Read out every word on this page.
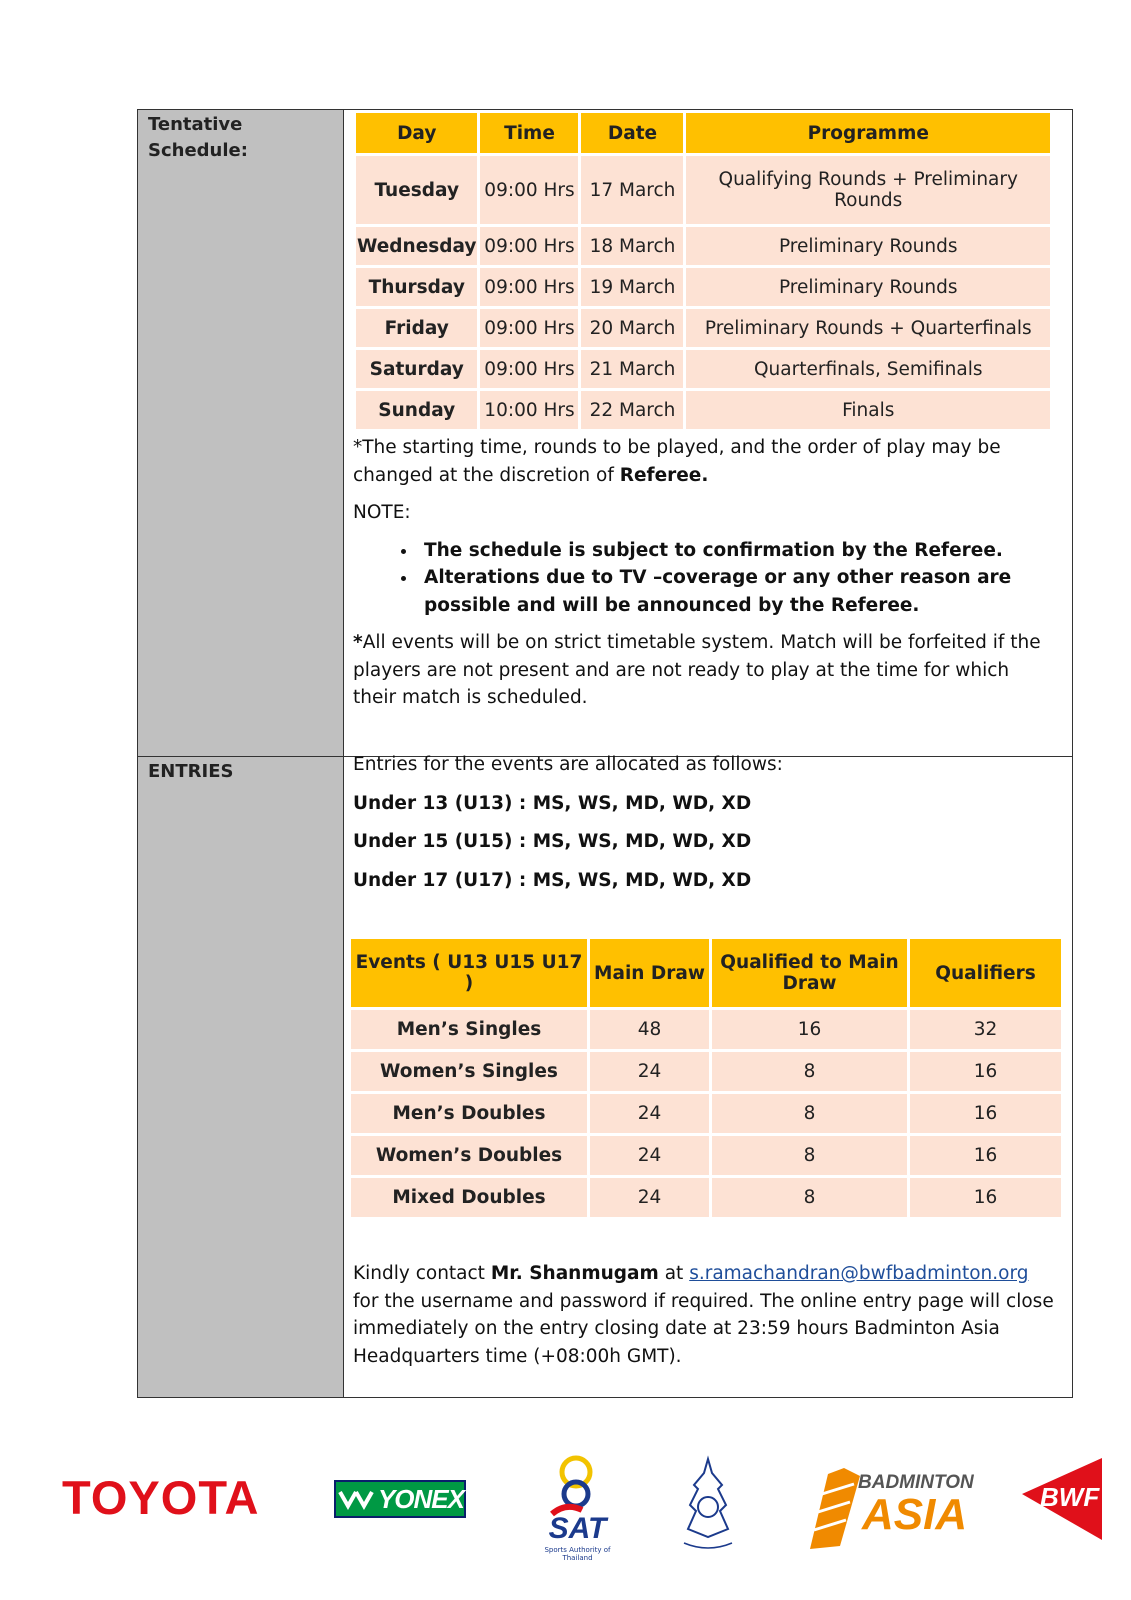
Tentative Schedule:
ENTRIES
Day	Time	Date	Programme
Tuesday	09:00 Hrs	17 March	Qualifying Rounds + Preliminary Rounds
Wednesday	09:00 Hrs	18 March	Preliminary Rounds
Thursday	09:00 Hrs	19 March	Preliminary Rounds
Friday	09:00 Hrs	20 March	Preliminary Rounds + Quarterfinals
Saturday	09:00 Hrs	21 March	Quarterfinals, Semifinals
Sunday	10:00 Hrs	22 March	Finals
*The starting time, rounds to be played, and the order of play may be changed at the discretion of Referee.
NOTE:
• The schedule is subject to confirmation by the Referee.
• Alterations due to TV –coverage or any other reason are possible and will be announced by the Referee.
*All events will be on strict timetable system. Match will be forfeited if the players are not present and are not ready to play at the time for which their match is scheduled.
Entries for the events are allocated as follows:
Under 13 (U13) : MS, WS, MD, WD, XD
Under 15 (U15) : MS, WS, MD, WD, XD
Under 17 (U17) : MS, WS, MD, WD, XD
Events ( U13 U15 U17 )	Main Draw	Qualified to Main Draw	Qualifiers
Men’s Singles	48	16	32
Women’s Singles	24	8	16
Men’s Doubles	24	8	16
Women’s Doubles	24	8	16
Mixed Doubles	24	8	16
Kindly contact Mr. Shanmugam at s.ramachandran@bwfbadminton.org for the username and password if required. The online entry page will close immediately on the entry closing date at 23:59 hours Badminton Asia Headquarters time (+08:00h GMT).
TOYOTA	YONEX
SAT
Sports Authority of Thailand
BADMINTON
ASIA	BWF
